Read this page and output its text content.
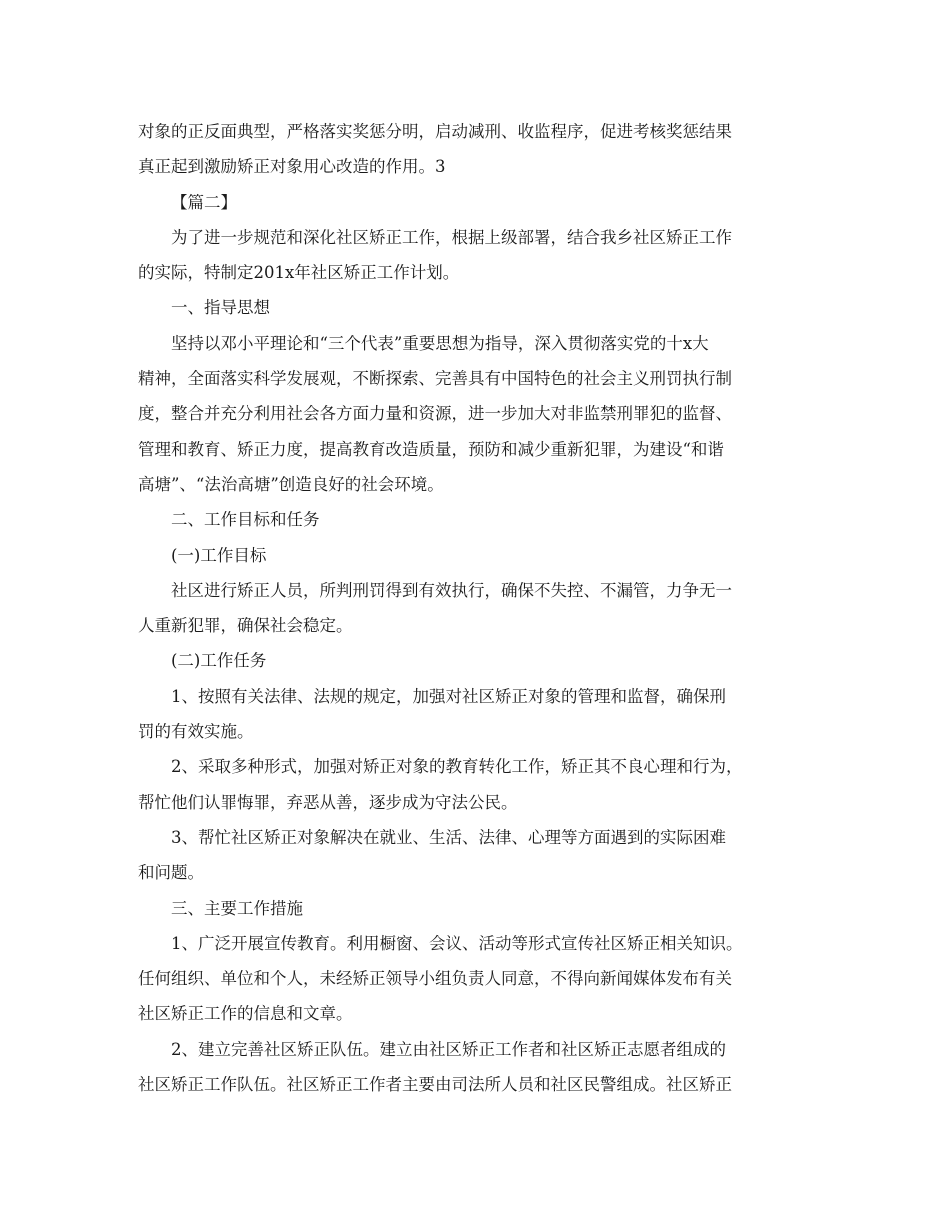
对象的正反面典型，严格落实奖惩分明，启动减刑、收监程序，促进考核奖惩结果
真正起到激励矫正对象用心改造的作用。3

【篇二】

为了进一步规范和深化社区矫正工作，根据上级部署，结合我乡社区矫正工作
的实际，特制定201x年社区矫正工作计划。

一、指导思想

坚持以邓小平理论和“三个代表”重要思想为指导，深入贯彻落实党的十x大
精神，全面落实科学发展观，不断探索、完善具有中国特色的社会主义刑罚执行制
度，整合并充分利用社会各方面力量和资源，进一步加大对非监禁刑罪犯的监督、
管理和教育、矫正力度，提高教育改造质量，预防和减少重新犯罪，为建设“和谐
高塘”、“法治高塘”创造良好的社会环境。

二、工作目标和任务

(一)工作目标

社区进行矫正人员，所判刑罚得到有效执行，确保不失控、不漏管，力争无一
人重新犯罪，确保社会稳定。

(二)工作任务

1、按照有关法律、法规的规定，加强对社区矫正对象的管理和监督，确保刑
罚的有效实施。

2、采取多种形式，加强对矫正对象的教育转化工作，矫正其不良心理和行为，
帮忙他们认罪悔罪，弃恶从善，逐步成为守法公民。

3、帮忙社区矫正对象解决在就业、生活、法律、心理等方面遇到的实际困难
和问题。

三、主要工作措施

1、广泛开展宣传教育。利用橱窗、会议、活动等形式宣传社区矫正相关知识。
任何组织、单位和个人，未经矫正领导小组负责人同意，不得向新闻媒体发布有关
社区矫正工作的信息和文章。

2、建立完善社区矫正队伍。建立由社区矫正工作者和社区矫正志愿者组成的
社区矫正工作队伍。社区矫正工作者主要由司法所人员和社区民警组成。社区矫正
